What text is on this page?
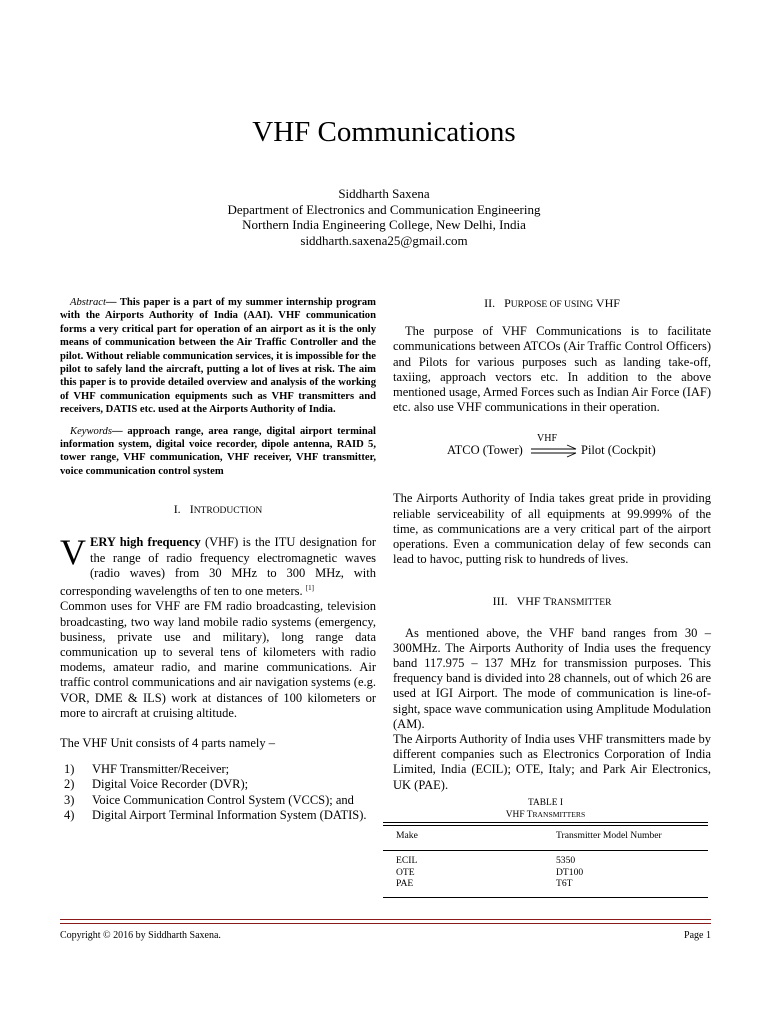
VHF Communications
Siddharth Saxena
Department of Electronics and Communication Engineering
Northern India Engineering College, New Delhi, India
siddharth.saxena25@gmail.com
Abstract— This paper is a part of my summer internship program with the Airports Authority of India (AAI). VHF communication forms a very critical part for operation of an airport as it is the only means of communication between the Air Traffic Controller and the pilot. Without reliable communication services, it is impossible for the pilot to safely land the aircraft, putting a lot of lives at risk. The aim this paper is to provide detailed overview and analysis of the working of VHF communication equipments such as VHF transmitters and receivers, DATIS etc. used at the Airports Authority of India.
Keywords— approach range, area range, digital airport terminal information system, digital voice recorder, dipole antenna, RAID 5, tower range, VHF communication, VHF receiver, VHF transmitter, voice communication control system
I. INTRODUCTION
VERY high frequency (VHF) is the ITU designation for the range of radio frequency electromagnetic waves (radio waves) from 30 MHz to 300 MHz, with corresponding wavelengths of ten to one meters. [1]
Common uses for VHF are FM radio broadcasting, television broadcasting, two way land mobile radio systems (emergency, business, private use and military), long range data communication up to several tens of kilometers with radio modems, amateur radio, and marine communications. Air traffic control communications and air navigation systems (e.g. VOR, DME & ILS) work at distances of 100 kilometers or more to aircraft at cruising altitude.
The VHF Unit consists of 4 parts namely –
1)	VHF Transmitter/Receiver;
2)	Digital Voice Recorder (DVR);
3)	Voice Communication Control System (VCCS); and
4)	Digital Airport Terminal Information System (DATIS).
II. PURPOSE OF USING VHF
The purpose of VHF Communications is to facilitate communications between ATCOs (Air Traffic Control Officers) and Pilots for various purposes such as landing take-off, taxiing, approach vectors etc. In addition to the above mentioned usage, Armed Forces such as Indian Air Force (IAF) etc. also use VHF communications in their operation.
VHF
ATCO (Tower)	Pilot (Cockpit)
The Airports Authority of India takes great pride in providing reliable serviceability of all equipments at 99.999% of the time, as communications are a very critical part of the airport operations. Even a communication delay of few seconds can lead to havoc, putting risk to hundreds of lives.
III. VHF TRANSMITTER
As mentioned above, the VHF band ranges from 30 – 300MHz. The Airports Authority of India uses the frequency band 117.975 – 137 MHz for transmission purposes. This frequency band is divided into 28 channels, out of which 26 are used at IGI Airport. The mode of communication is line-of-sight, space wave communication using Amplitude Modulation (AM).
The Airports Authority of India uses VHF transmitters made by different companies such as Electronics Corporation of India Limited, India (ECIL); OTE, Italy; and Park Air Electronics, UK (PAE).
TABLE I
VHF TRANSMITTERS
Make	Transmitter Model Number
ECIL	5350
OTE	DT100
PAE	T6T
Copyright © 2016 by Siddharth Saxena.	Page 1
